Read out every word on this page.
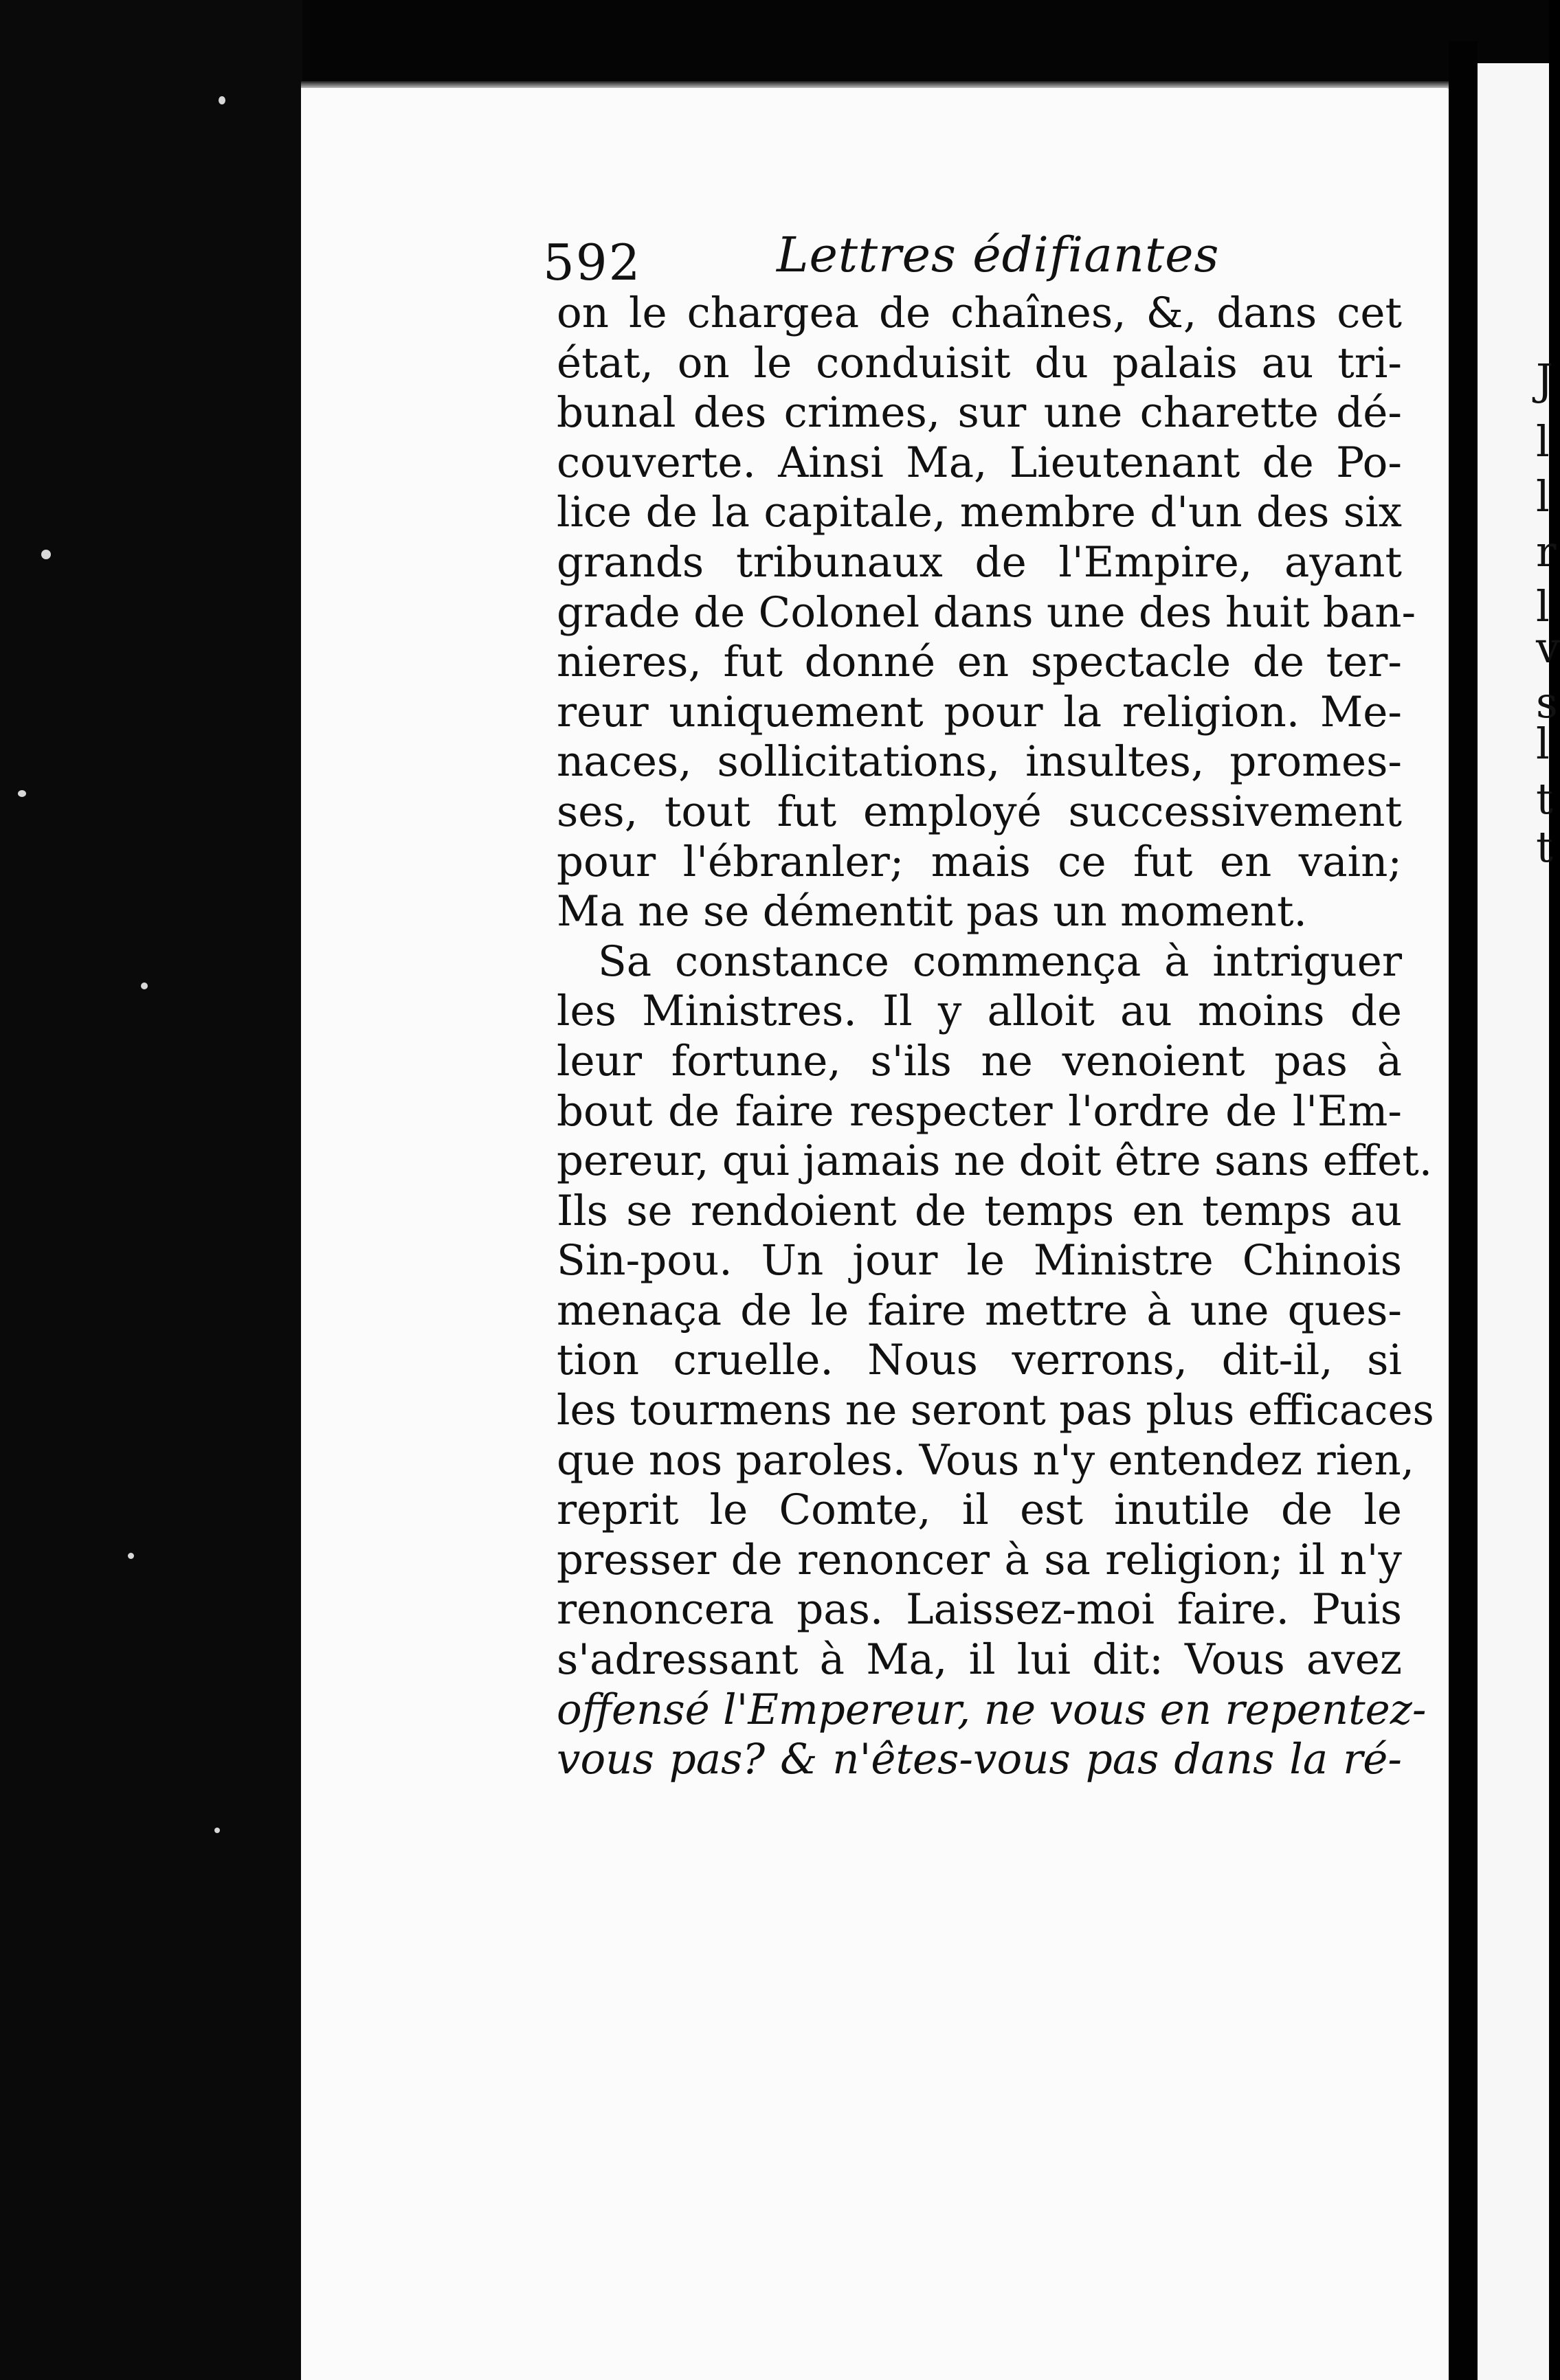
J
l
l
r
l
v
s
l
t
t
592	Lettres édifiantes
on le chargea de chaînes, &, dans cet
état, on le conduisit du palais au tri-
bunal des crimes, sur une charette dé-
couverte. Ainsi Ma, Lieutenant de Po-
lice de la capitale, membre d'un des six
grands tribunaux de l'Empire, ayant
grade de Colonel dans une des huit ban-
nieres, fut donné en spectacle de ter-
reur uniquement pour la religion. Me-
naces, sollicitations, insultes, promes-
ses, tout fut employé successivement
pour l'ébranler; mais ce fut en vain;
Ma ne se démentit pas un moment.
Sa constance commença à intriguer
les Ministres. Il y alloit au moins de
leur fortune, s'ils ne venoient pas à
bout de faire respecter l'ordre de l'Em-
pereur, qui jamais ne doit être sans effet.
Ils se rendoient de temps en temps au
Sin-pou. Un jour le Ministre Chinois
menaça de le faire mettre à une ques-
tion cruelle. Nous verrons, dit-il, si
les tourmens ne seront pas plus efficaces
que nos paroles. Vous n'y entendez rien,
reprit le Comte, il est inutile de le
presser de renoncer à sa religion; il n'y
renoncera pas. Laissez-moi faire. Puis
s'adressant à Ma, il lui dit: Vous avez
offensé l'Empereur, ne vous en repentez-
vous pas? & n'êtes-vous pas dans la ré-
